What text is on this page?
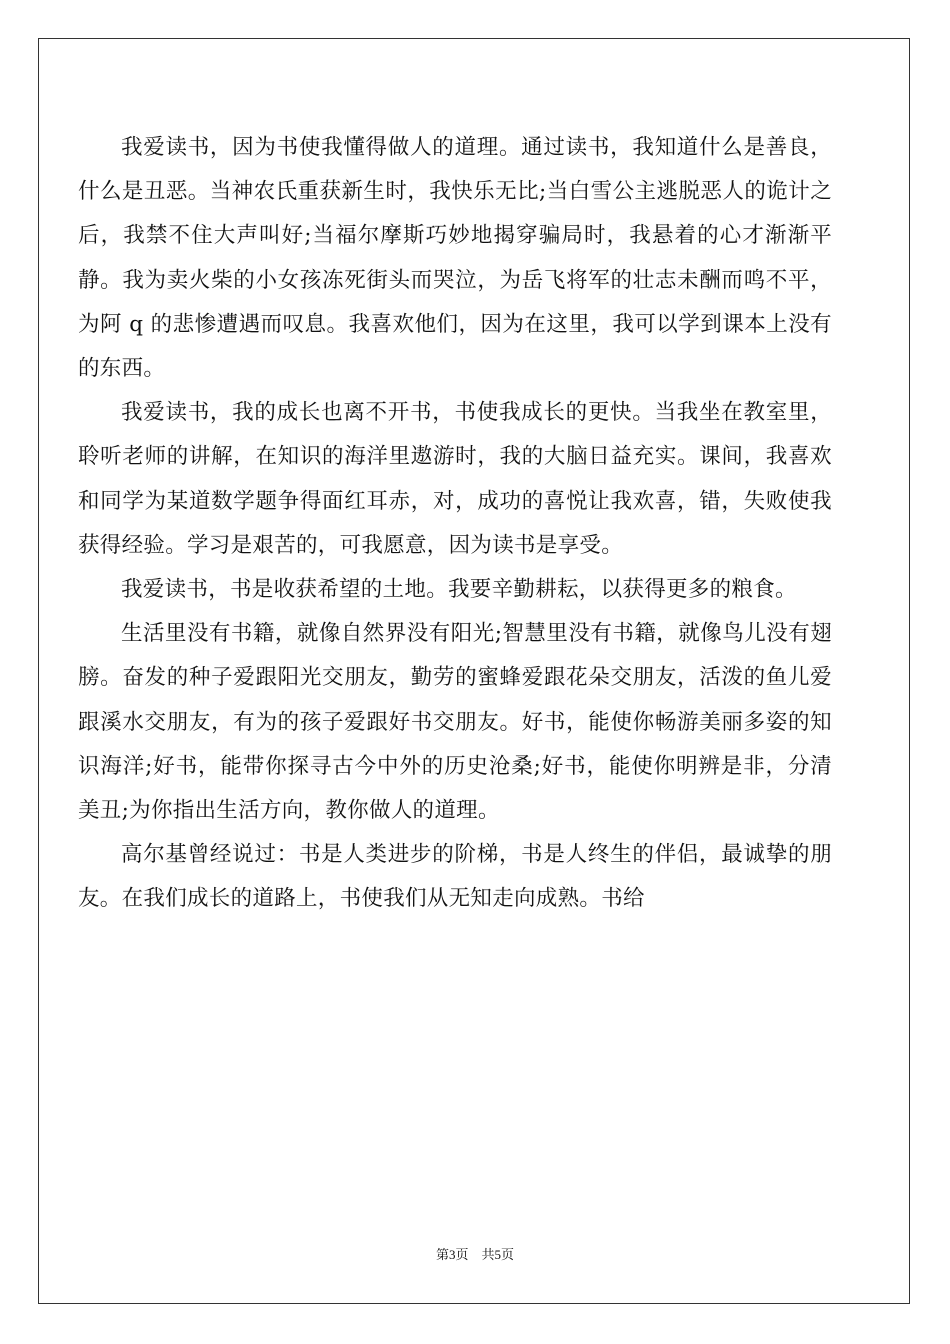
我爱读书，因为书使我懂得做人的道理。通过读书，我知道什么是善良，什么是丑恶。当神农氏重获新生时，我快乐无比;当白雪公主逃脱恶人的诡计之后，我禁不住大声叫好;当福尔摩斯巧妙地揭穿骗局时，我悬着的心才渐渐平静。我为卖火柴的小女孩冻死街头而哭泣，为岳飞将军的壮志未酬而鸣不平，为阿 q 的悲惨遭遇而叹息。我喜欢他们，因为在这里，我可以学到课本上没有的东西。

我爱读书，我的成长也离不开书，书使我成长的更快。当我坐在教室里，聆听老师的讲解，在知识的海洋里遨游时，我的大脑日益充实。课间，我喜欢和同学为某道数学题争得面红耳赤，对，成功的喜悦让我欢喜，错，失败使我获得经验。学习是艰苦的，可我愿意，因为读书是享受。

我爱读书，书是收获希望的土地。我要辛勤耕耘，以获得更多的粮食。

生活里没有书籍，就像自然界没有阳光;智慧里没有书籍，就像鸟儿没有翅膀。奋发的种子爱跟阳光交朋友，勤劳的蜜蜂爱跟花朵交朋友，活泼的鱼儿爱跟溪水交朋友，有为的孩子爱跟好书交朋友。好书，能使你畅游美丽多姿的知识海洋;好书，能带你探寻古今中外的历史沧桑;好书，能使你明辨是非，分清美丑;为你指出生活方向，教你做人的道理。

高尔基曾经说过：书是人类进步的阶梯，书是人终生的伴侣，最诚挚的朋友。在我们成长的道路上，书使我们从无知走向成熟。书给

第3页　共5页
